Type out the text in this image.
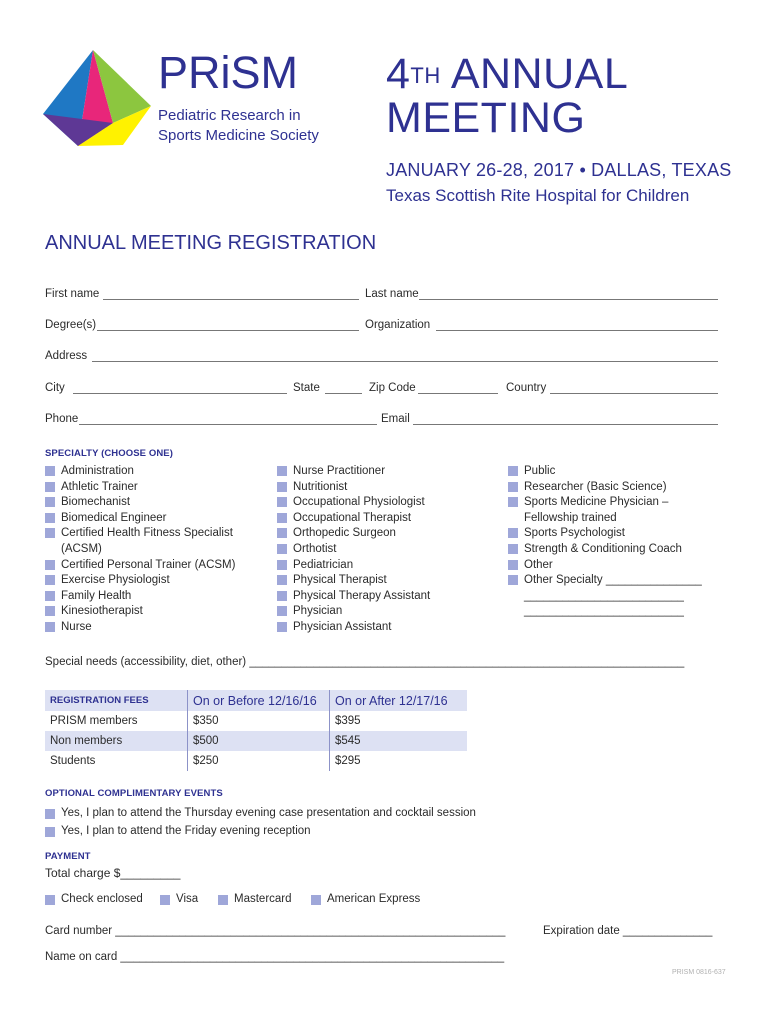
PRiSM
Pediatric Research in
Sports Medicine Society
4TH ANNUAL
MEETING
JANUARY 26-28, 2017 • DALLAS, TEXAS
Texas Scottish Rite Hospital for Children
ANNUAL MEETING REGISTRATION
First name	Last name
Degree(s)	Organization
Address
City	State	Zip Code	Country
Phone	Email
SPECIALTY (CHOOSE ONE)
Administration
Athletic Trainer
Biomechanist
Biomedical Engineer
Certified Health Fitness Specialist (ACSM)
Certified Personal Trainer (ACSM)
Exercise Physiologist
Family Health
Kinesiotherapist
Nurse
Nurse Practitioner
Nutritionist
Occupational Physiologist
Occupational Therapist
Orthopedic Surgeon
Orthotist
Pediatrician
Physical Therapist
Physical Therapy Assistant
Physician
Physician Assistant
Public
Researcher (Basic Science)
Sports Medicine Physician – Fellowship trained
Sports Psychologist
Strength & Conditioning Coach
Other
Other Specialty _______________
_________________________
_________________________
Special needs (accessibility, diet, other) ____________________________________________________________________
REGISTRATION FEES	On or Before 12/16/16	On or After 12/17/16
PRISM members	$350	$395
Non members	$500	$545
Students	$250	$295
OPTIONAL COMPLIMENTARY EVENTS
Yes, I plan to attend the Thursday evening case presentation and cocktail session
Yes, I plan to attend the Friday evening reception
PAYMENT
Total charge $_________
Check enclosed	Visa	Mastercard	American Express
Card number _____________________________________________________________	Expiration date ______________
Name on card ____________________________________________________________
PRISM 0816-637
